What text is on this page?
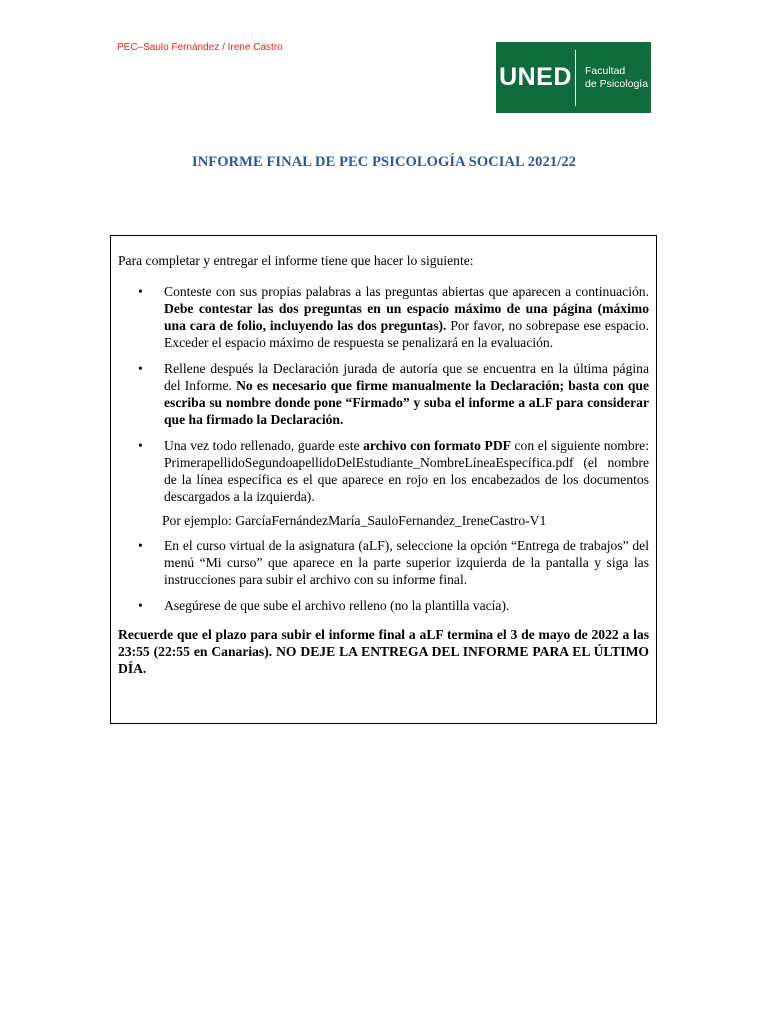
PEC–Saulo Fernández / Irene Castro
UNED Facultad
de Psicología
INFORME FINAL DE PEC PSICOLOGÍA SOCIAL 2021/22

Para completar y entregar el informe tiene que hacer lo siguiente:

• Conteste con sus propias palabras a las preguntas abiertas que aparecen a continuación. Debe contestar las dos preguntas en un espacio máximo de una página (máximo una cara de folio, incluyendo las dos preguntas). Por favor, no sobrepase ese espacio. Exceder el espacio máximo de respuesta se penalizará en la evaluación.
• Rellene después la Declaración jurada de autoría que se encuentra en la última página del Informe. No es necesario que firme manualmente la Declaración; basta con que escriba su nombre donde pone “Firmado” y suba el informe a aLF para considerar que ha firmado la Declaración.
• Una vez todo rellenado, guarde este archivo con formato PDF con el siguiente nombre: PrimerapellidoSegundoapellidoDelEstudiante_NombreLíneaEspecífica.pdf (el nombre de la línea específica es el que aparece en rojo en los encabezados de los documentos descargados a la izquierda).
Por ejemplo: GarcíaFernándezMaría_SauloFernandez_IreneCastro-V1
• En el curso virtual de la asignatura (aLF), seleccione la opción “Entrega de trabajos” del menú “Mi curso” que aparece en la parte superior izquierda de la pantalla y siga las instrucciones para subir el archivo con su informe final.
• Asegúrese de que sube el archivo relleno (no la plantilla vacía).
Recuerde que el plazo para subir el informe final a aLF termina el 3 de mayo de 2022 a las 23:55 (22:55 en Canarias). NO DEJE LA ENTREGA DEL INFORME PARA EL ÚLTIMO DÍA.
